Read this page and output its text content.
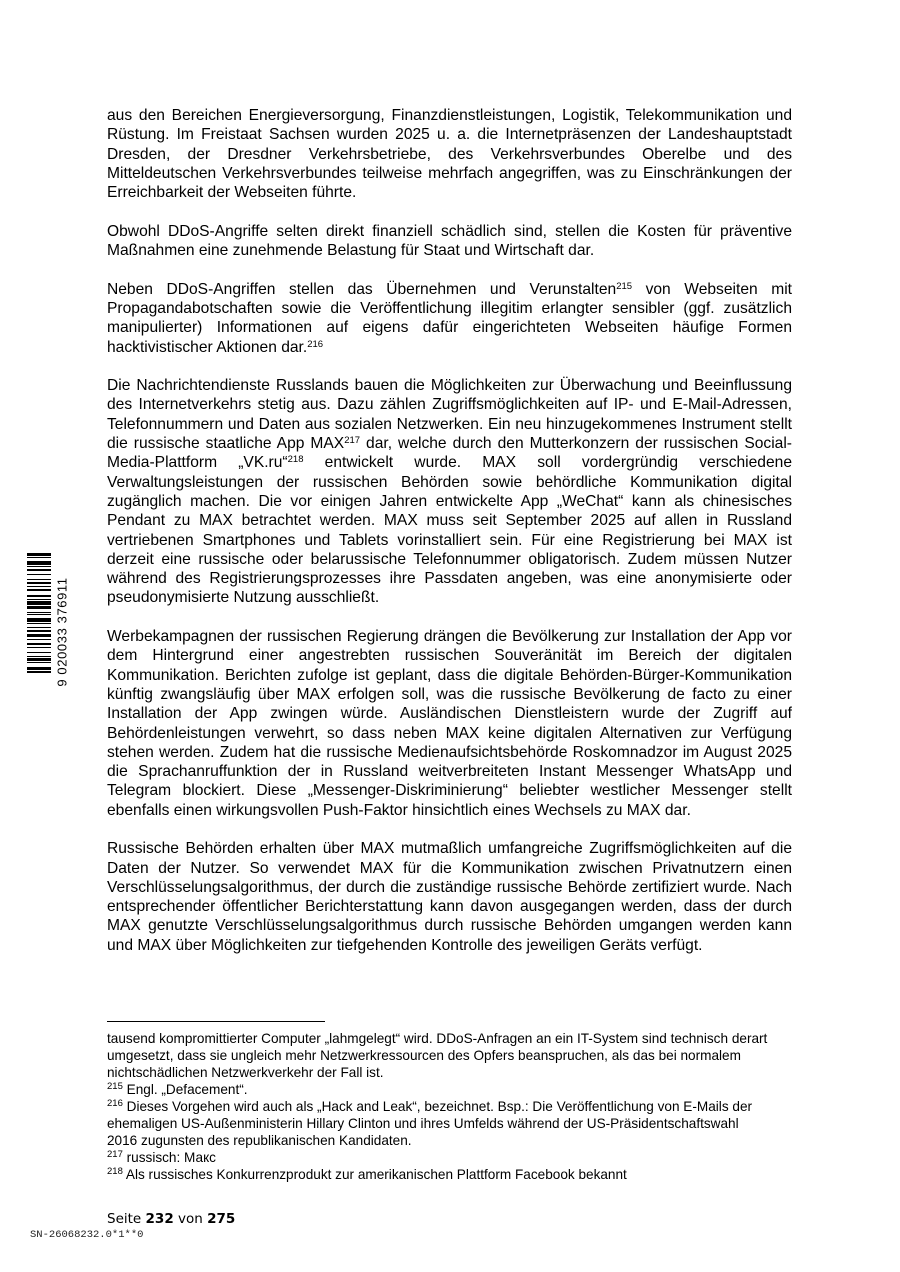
aus den Bereichen Energieversorgung, Finanzdienstleistungen, Logistik, Telekommunikation und Rüstung. Im Freistaat Sachsen wurden 2025 u. a. die Internetpräsenzen der Landeshauptstadt Dresden, der Dresdner Verkehrsbetriebe, des Verkehrsverbundes Oberelbe und des Mitteldeutschen Verkehrsverbundes teilweise mehrfach angegriffen, was zu Einschränkungen der Erreichbarkeit der Webseiten führte.

Obwohl DDoS-Angriffe selten direkt finanziell schädlich sind, stellen die Kosten für präventive Maßnahmen eine zunehmende Belastung für Staat und Wirtschaft dar.

Neben DDoS-Angriffen stellen das Übernehmen und Verunstalten$^{215}$ von Webseiten mit Propagandabotschaften sowie die Veröffentlichung illegitim erlangter sensibler (ggf. zusätzlich manipulierter) Informationen auf eigens dafür eingerichteten Webseiten häufige Formen hacktivistischer Aktionen dar.$^{216}$

Die Nachrichtendienste Russlands bauen die Möglichkeiten zur Überwachung und Beeinflussung des Internetverkehrs stetig aus. Dazu zählen Zugriffsmöglichkeiten auf IP- und E-Mail-Adressen, Telefonnummern und Daten aus sozialen Netzwerken. Ein neu hinzugekommenes Instrument stellt die russische staatliche App MAX$^{217}$ dar, welche durch den Mutterkonzern der russischen Social-Media-Plattform „VK.ru“$^{218}$ entwickelt wurde. MAX soll vordergründig verschiedene Verwaltungsleistungen der russischen Behörden sowie behördliche Kommunikation digital zugänglich machen. Die vor einigen Jahren entwickelte App „WeChat“ kann als chinesisches Pendant zu MAX betrachtet werden. MAX muss seit September 2025 auf allen in Russland vertriebenen Smartphones und Tablets vorinstalliert sein. Für eine Registrierung bei MAX ist derzeit eine russische oder belarussische Telefonnummer obligatorisch. Zudem müssen Nutzer während des Registrierungsprozesses ihre Passdaten angeben, was eine anonymisierte oder pseudonymisierte Nutzung ausschließt.

Werbekampagnen der russischen Regierung drängen die Bevölkerung zur Installation der App vor dem Hintergrund einer angestrebten russischen Souveränität im Bereich der digitalen Kommunikation. Berichten zufolge ist geplant, dass die digitale Behörden-Bürger-Kommunikation künftig zwangsläufig über MAX erfolgen soll, was die russische Bevölkerung de facto zu einer Installation der App zwingen würde. Ausländischen Dienstleistern wurde der Zugriff auf Behördenleistungen verwehrt, so dass neben MAX keine digitalen Alternativen zur Verfügung stehen werden. Zudem hat die russische Medienaufsichtsbehörde Roskomnadzor im August 2025 die Sprachanruffunktion der in Russland weitverbreiteten Instant Messenger WhatsApp und Telegram blockiert. Diese „Messenger-Diskriminierung“ beliebter westlicher Messenger stellt ebenfalls einen wirkungsvollen Push-Faktor hinsichtlich eines Wechsels zu MAX dar.

Russische Behörden erhalten über MAX mutmaßlich umfangreiche Zugriffsmöglichkeiten auf die Daten der Nutzer. So verwendet MAX für die Kommunikation zwischen Privatnutzern einen Verschlüsselungsalgorithmus, der durch die zuständige russische Behörde zertifiziert wurde. Nach entsprechender öffentlicher Berichterstattung kann davon ausgegangen werden, dass der durch MAX genutzte Verschlüsselungsalgorithmus durch russische Behörden umgangen werden kann und MAX über Möglichkeiten zur tiefgehenden Kontrolle des jeweiligen Geräts verfügt.

tausend kompromittierter Computer „lahmgelegt“ wird. DDoS-Anfragen an ein IT-System sind technisch derart umgesetzt, dass sie ungleich mehr Netzwerkressourcen des Opfers beanspruchen, als das bei normalem nichtschädlichen Netzwerkverkehr der Fall ist.

$^{215}$ Engl. „Defacement“.

$^{216}$ Dieses Vorgehen wird auch als „Hack and Leak“, bezeichnet. Bsp.: Die Veröffentlichung von E-Mails der ehemaligen US-Außenministerin Hillary Clinton und ihres Umfelds während der US-Präsidentschaftswahl 2016 zugunsten des republikanischen Kandidaten.

$^{217}$ russisch: Макс

$^{218}$ Als russisches Konkurrenzprodukt zur amerikanischen Plattform Facebook bekannt

Seite 232 von 275
SN-26068232.0*1**0
9 020033 376911
